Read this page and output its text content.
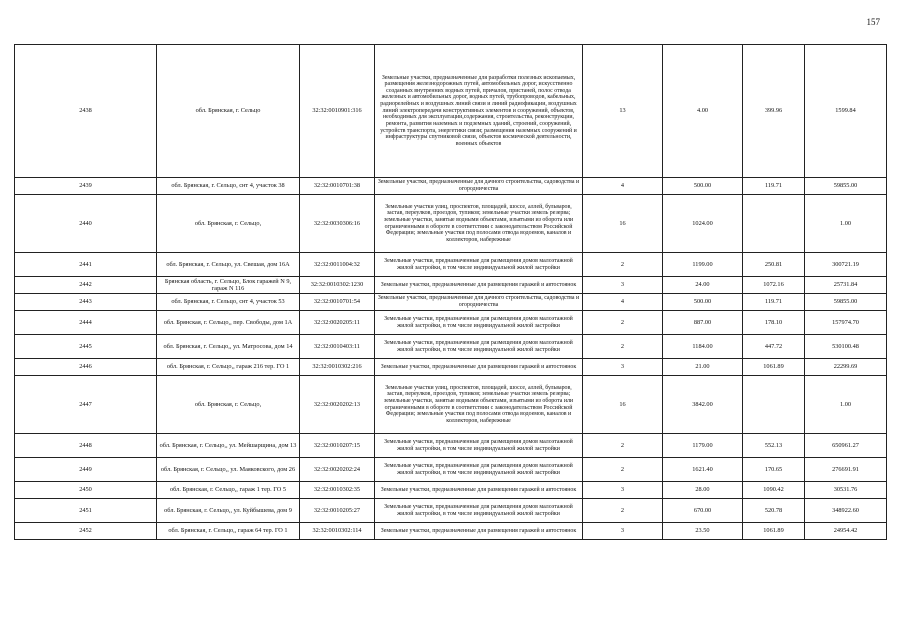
157
2438	обл. Брянская, г. Сельцо	32:32:0010901:316	Земельные участки, предназначенные для разработки полезных ископаемых, размещения железнодорожных путей, автомобильных дорог, искусственно созданных внутренних водных путей, причалов, пристаней, полос отвода железных и автомобильных дорог, водных путей, трубопроводов, кабельных, радиорелейных и воздушных линий связи и линий радиофикации, воздушных линий электропередачи конструктивных элементов и сооружений, объектов, необходимых для эксплуатации,содержания, строительства, реконструкции, ремонта, развития наземных и подземных зданий, строений, сооружений, устройств транспорта, энергетики связи; размещения наземных сооружений и инфраструктуры спутниковой связи, объектов космической деятельности, военных объектов	13	4.00	399.96	1599.84
2439	обл. Брянская, г. Сельцо, снт 4, участок 38	32:32:0010701:38	Земельные участки, предназначенные для дачного строительства, садоводства и огородничества	4	500.00	119.71	59855.00
2440	обл. Брянская, г. Сельцо,	32:32:0030306:16	Земельные участки улиц, проспектов, площадей, шоссе, аллей, бульваров, застав, переулков, проездов, тупиков; земельные участки земель резерва; земельные участки, занятые водными объектами, изъятыми из оборота или ограниченными в обороте в соответствии с законодательством Российской Федерации; земельные участки под полосами отвода водоемов, каналов и коллекторов, набережные	16	1024.00		1.00
2441	обл. Брянская, г. Сельцо, ул. Свешая, дом 16А	32:32:0011004:32	Земельные участки, предназначенные для размещения домов малоэтажной жилой застройки, в том числе индивидуальной жилой застройки	2	1199.00	250.81	300721.19
2442	Брянская область, г. Сельцо, Блок гаражей N 9, гараж N 116	32:32:0010302:1230	Земельные участки, предназначенные для размещения гаражей и автостоянок	3	24.00	1072.16	25731.84
2443	обл. Брянская, г. Сельцо, снт 4, участок 53	32:32:0010701:54	Земельные участки, предназначенные для дачного строительства, садоводства и огородничества	4	500.00	119.71	59855.00
2444	обл. Брянская, г. Сельцо,, пер. Свободы, дом 1А	32:32:0020205:11	Земельные участки, предназначенные для размещения домов малоэтажной жилой застройки, в том числе индивидуальной жилой застройки	2	887.00	178.10	157974.70
2445	обл. Брянская, г. Сельцо,, ул. Матросова, дом 14	32:32:0010403:11	Земельные участки, предназначенные для размещения домов малоэтажной жилой застройки, в том числе индивидуальной жилой застройки	2	1184.00	447.72	530100.48
2446	обл. Брянская, г. Сельцо,, гараж 216 тер. ГО 1	32:32:0010302:216	Земельные участки, предназначенные для размещения гаражей и автостоянок	3	21.00	1061.89	22299.69
2447	обл. Брянская, г. Сельцо,	32:32:0020202:13	Земельные участки улиц, проспектов, площадей, шоссе, аллей, бульваров, застав, переулков, проездов, тупиков; земельные участки земель резерва; земельные участки, занятые водными объектами, изъятыми из оборота или ограниченными в обороте в соответствии с законодательством Российской Федерации; земельные участки под полосами отвода водоемов, каналов и коллекторов, набережные	16	3842.00		1.00
2448	обл. Брянская, г. Сельцо,, ул. Мейшарщина, дом 13	32:32:0010207:15	Земельные участки, предназначенные для размещения домов малоэтажной жилой застройки, в том числе индивидуальной жилой застройки	2	1179.00	552.13	650961.27
2449	обл. Брянская, г. Сельцо,, ул. Маяковского, дом 26	32:32:0020202:24	Земельные участки, предназначенные для размещения домов малоэтажной жилой застройки, в том числе индивидуальной жилой застройки	2	1621.40	170.65	276691.91
2450	обл. Брянская, г. Сельцо,, гараж 1 тер. ГО 5	32:32:0010302:35	Земельные участки, предназначенные для размещения гаражей и автостоянок	3	28.00	1090.42	30531.76
2451	обл. Брянская, г. Сельцо,, ул. Куйбышева, дом 9	32:32:0010205:27	Земельные участки, предназначенные для размещения домов малоэтажной жилой застройки, в том числе индивидуальной жилой застройки	2	670.00	520.78	348922.60
2452	обл. Брянская, г. Сельцо,, гараж 64 тер. ГО 1	32:32:0010302:114	Земельные участки, предназначенные для размещения гаражей и автостоянок	3	23.50	1061.89	24954.42
